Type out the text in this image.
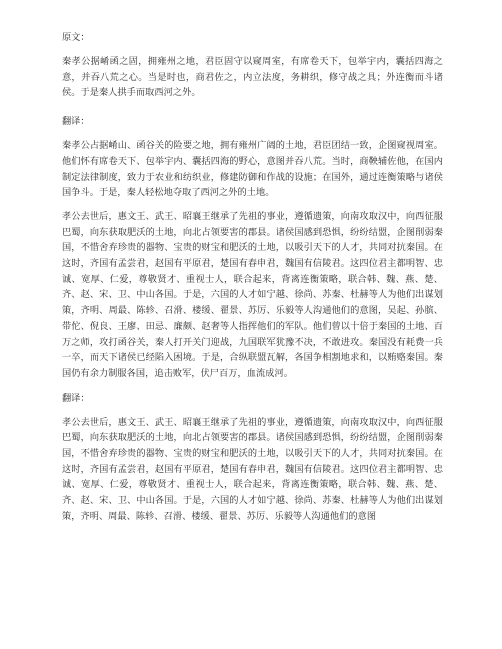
原文：

秦孝公据崤函之固，拥雍州之地，君臣固守以窥周室，有席卷天下，包举宇内，囊括四海之意，并吞八荒之心。当是时也，商君佐之，内立法度，务耕织，修守战之具；外连衡而斗诸侯。于是秦人拱手而取西河之外。

翻译：

秦孝公占据崤山、函谷关的险要之地，拥有雍州广阔的土地，君臣团结一致，企图窥视周室。他们怀有席卷天下、包举宇内、囊括四海的野心，意图并吞八荒。当时，商鞅辅佐他，在国内制定法律制度，致力于农业和纺织业，修建防御和作战的设施；在国外，通过连衡策略与诸侯国争斗。于是，秦人轻松地夺取了西河之外的土地。

孝公去世后，惠文王、武王、昭襄王继承了先祖的事业，遵循遗策，向南攻取汉中，向西征服巴蜀，向东获取肥沃的土地，向北占领要害的郡县。诸侯国感到恐惧，纷纷结盟，企图削弱秦国，不惜舍弃珍贵的器物、宝贵的财宝和肥沃的土地，以吸引天下的人才，共同对抗秦国。在这时，齐国有孟尝君，赵国有平原君，楚国有春申君，魏国有信陵君。这四位君主都明智、忠诚、宽厚、仁爱，尊敬贤才、重视士人，联合起来，背离连衡策略，联合韩、魏、燕、楚、齐、赵、宋、卫、中山各国。于是，六国的人才如宁越、徐尚、苏秦、杜赫等人为他们出谋划策，齐明、周最、陈轸、召滑、楼缓、翟景、苏厉、乐毅等人沟通他们的意图，吴起、孙膑、带佗、倪良、王廖、田忌、廉颇、赵奢等人指挥他们的军队。他们曾以十倍于秦国的土地、百万之师，攻打函谷关，秦人打开关门迎战，九国联军犹豫不决，不敢进攻。秦国没有耗费一兵一卒，而天下诸侯已经陷入困境。于是，合纵联盟瓦解，各国争相割地求和，以贿赂秦国。秦国仍有余力制服各国，追击败军，伏尸百万，血流成河。

翻译：

孝公去世后，惠文王、武王、昭襄王继承了先祖的事业，遵循遗策，向南攻取汉中，向西征服巴蜀，向东获取肥沃的土地，向北占领要害的郡县。诸侯国感到恐惧，纷纷结盟，企图削弱秦国，不惜舍弃珍贵的器物、宝贵的财宝和肥沃的土地，以吸引天下的人才，共同对抗秦国。在这时，齐国有孟尝君，赵国有平原君，楚国有春申君，魏国有信陵君。这四位君主都明智、忠诚、宽厚、仁爱，尊敬贤才、重视士人，联合起来，背离连衡策略，联合韩、魏、燕、楚、齐、赵、宋、卫、中山各国。于是，六国的人才如宁越、徐尚、苏秦、杜赫等人为他们出谋划策，齐明、周最、陈轸、召滑、楼缓、翟景、苏厉、乐毅等人沟通他们的意图
